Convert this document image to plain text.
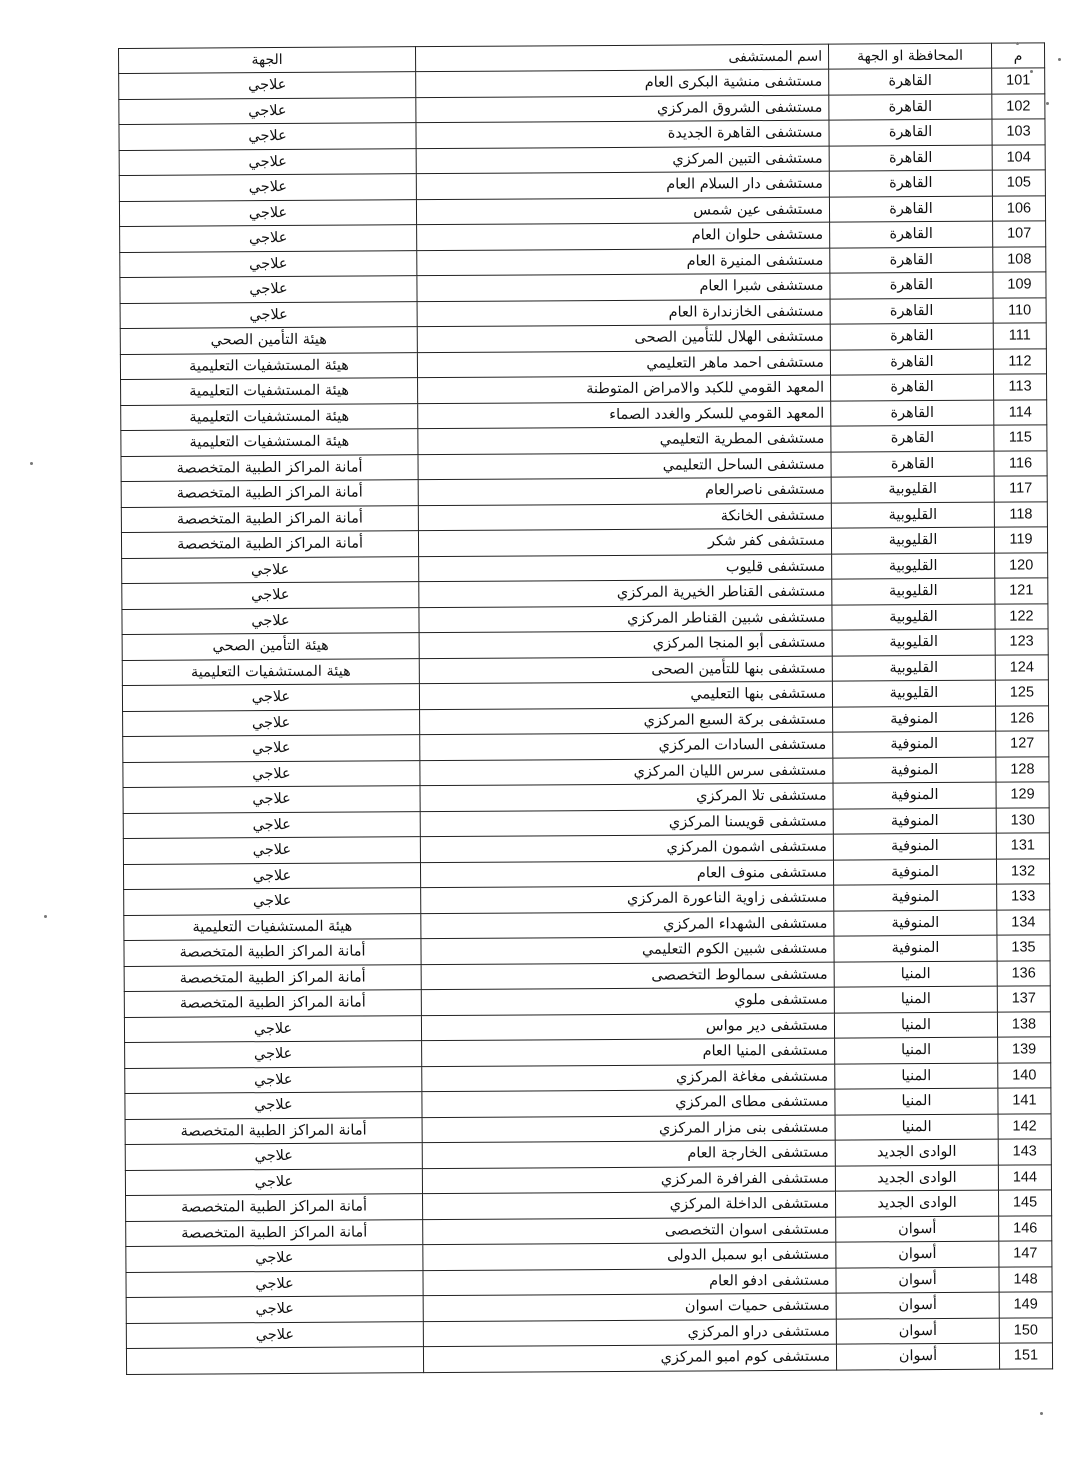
م	المحافظة او الجهة	اسم المستشفى	الجهة
101	القاهرة	مستشفى منشية البكرى العام	علاجي
102	القاهرة	مستشفى الشروق المركزي	علاجي
103	القاهرة	مستشفى القاهرة الجديدة	علاجي
104	القاهرة	مستشفى التبين المركزي	علاجي
105	القاهرة	مستشفى دار السلام العام	علاجي
106	القاهرة	مستشفى عين شمس	علاجي
107	القاهرة	مستشفى حلوان العام	علاجي
108	القاهرة	مستشفى المنيرة العام	علاجي
109	القاهرة	مستشفى شبرا العام	علاجي
110	القاهرة	مستشفى الخازندارة العام	علاجي
111	القاهرة	مستشفى الهلال للتأمين الصحى	هيئة التأمين الصحي
112	القاهرة	مستشفى احمد ماهر التعليمي	هيئة المستشفيات التعليمية
113	القاهرة	المعهد القومي للكبد والامراض المتوطنة	هيئة المستشفيات التعليمية
114	القاهرة	المعهد القومي للسكر والغدد الصماء	هيئة المستشفيات التعليمية
115	القاهرة	مستشفى المطرية التعليمي	هيئة المستشفيات التعليمية
116	القاهرة	مستشفى الساحل التعليمي	أمانة المراكز الطبية المتخصصة
117	القليوبية	مستشفى ناصرالعام	أمانة المراكز الطبية المتخصصة
118	القليوبية	مستشفى الخانكة	أمانة المراكز الطبية المتخصصة
119	القليوبية	مستشفى كفر شكر	أمانة المراكز الطبية المتخصصة
120	القليوبية	مستشفى قليوب	علاجي
121	القليوبية	مستشفى القناطر الخيرية المركزي	علاجي
122	القليوبية	مستشفى شبين القناطر المركزي	علاجي
123	القليوبية	مستشفى أبو المنجا المركزي	هيئة التأمين الصحي
124	القليوبية	مستشفى بنها للتأمين الصحى	هيئة المستشفيات التعليمية
125	القليوبية	مستشفى بنها التعليمي	علاجي
126	المنوفية	مستشفى بركة السبع المركزي	علاجي
127	المنوفية	مستشفى السادات المركزي	علاجي
128	المنوفية	مستشفى سرس الليان المركزي	علاجي
129	المنوفية	مستشفى تلا المركزي	علاجي
130	المنوفية	مستشفى قويسنا المركزي	علاجي
131	المنوفية	مستشفى اشمون المركزي	علاجي
132	المنوفية	مستشفى منوف العام	علاجي
133	المنوفية	مستشفى زاوية الناعورة المركزي	علاجي
134	المنوفية	مستشفى الشهداء المركزي	هيئة المستشفيات التعليمية
135	المنوفية	مستشفى شبين الكوم التعليمي	أمانة المراكز الطبية المتخصصة
136	المنيا	مستشفى سمالوط التخصصى	أمانة المراكز الطبية المتخصصة
137	المنيا	مستشفى ملوي	أمانة المراكز الطبية المتخصصة
138	المنيا	مستشفى دير مواس	علاجي
139	المنيا	مستشفى المنيا العام	علاجي
140	المنيا	مستشفى مغاغة المركزي	علاجي
141	المنيا	مستشفى مطاى المركزي	علاجي
142	المنيا	مستشفى بنى مزار المركزي	أمانة المراكز الطبية المتخصصة
143	الوادى الجديد	مستشفى الخارجة العام	علاجي
144	الوادى الجديد	مستشفى الفرافرة المركزي	علاجي
145	الوادى الجديد	مستشفى الداخلة المركزي	أمانة المراكز الطبية المتخصصة
146	أسوان	مستشفى اسوان التخصصى	أمانة المراكز الطبية المتخصصة
147	أسوان	مستشفى ابو سمبل الدولى	علاجي
148	أسوان	مستشفى ادفو العام	علاجي
149	أسوان	مستشفى حميات اسوان	علاجي
150	أسوان	مستشفى دراو المركزي	علاجي
151	أسوان	مستشفى كوم امبو المركزي	
